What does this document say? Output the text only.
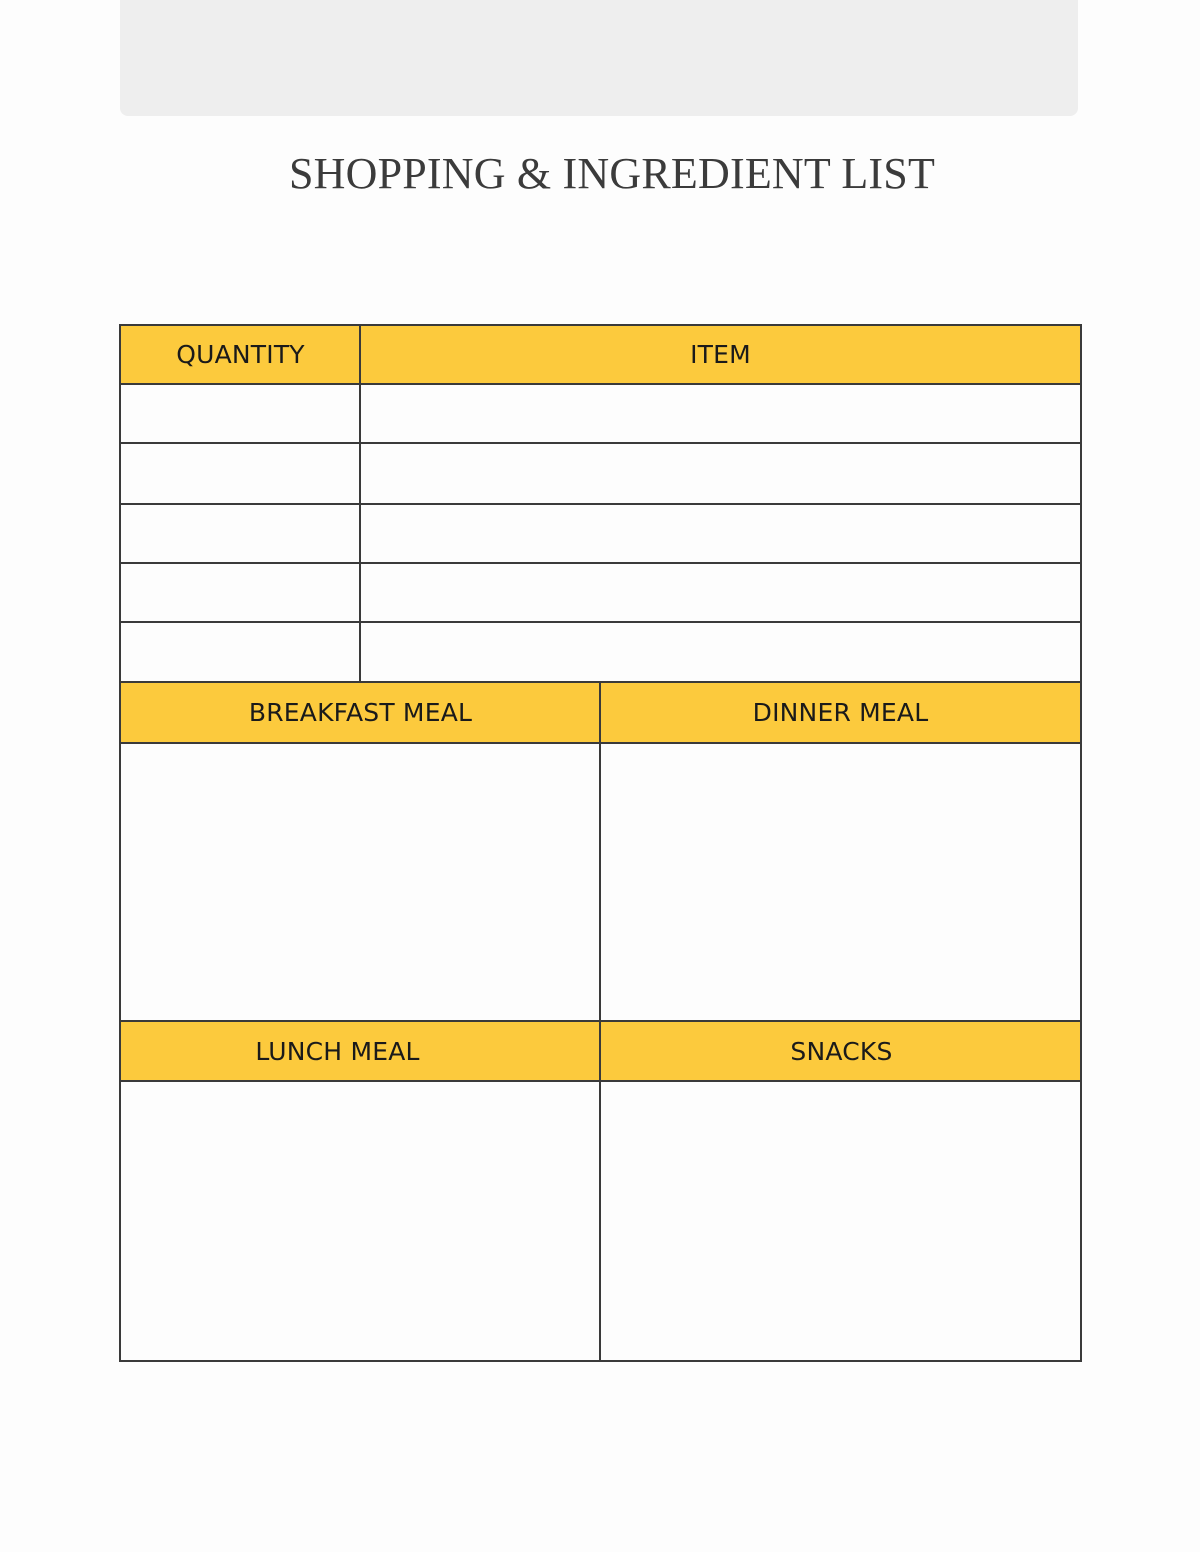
SHOPPING & INGREDIENT LIST
QUANTITY	ITEM
BREAKFAST MEAL	DINNER MEAL
LUNCH MEAL	SNACKS
